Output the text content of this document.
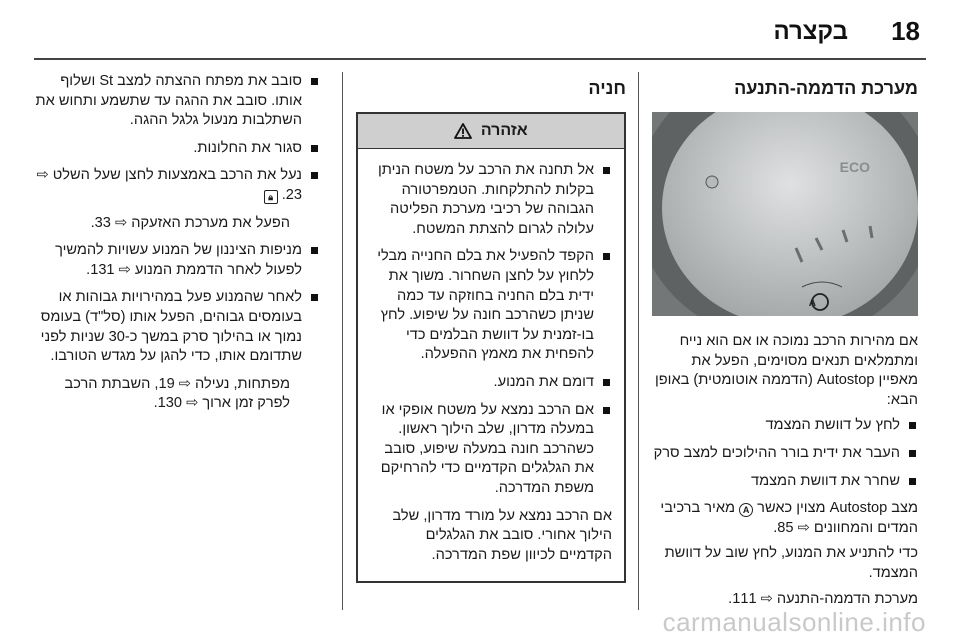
18
בקצרה
מערכת הדממה-התנעה
ECO
A
אם מהירות הרכב נמוכה או אם הוא נייח ומתמלאים תנאים מסוימים, הפעל את מאפיין Autostop (הדממה אוטומטית) באופן הבא:
לחץ על דוושת המצמד
העבר את ידית בורר ההילוכים למצב סרק
שחרר את דוושת המצמד
מצב Autostop מצוין כאשר A מאיר ברכיבי המדים והמחוונים ⇨ 85.
כדי להתניע את המנוע, לחץ שוב על דוושת המצמד.
מערכת הדממה-התנעה ⇨ 111.
חניה
אזהרה
אל תחנה את הרכב על משטח הניתן בקלות להתלקחות. הטמפרטורה הגבוהה של רכיבי מערכת הפליטה עלולה לגרום להצתת המשטח.
הקפד להפעיל את בלם החנייה מבלי ללחוץ על לחצן השחרור. משוך את ידית בלם החניה בחוזקה עד כמה שניתן כשהרכב חונה על שיפוע. לחץ בו-זמנית על דוושת הבלמים כדי להפחית את מאמץ ההפעלה.
דומם את המנוע.
אם הרכב נמצא על משטח אופקי או במעלה מדרון, שלב הילוך ראשון. כשהרכב חונה במעלה שיפוע, סובב את הגלגלים הקדמיים כדי להרחיקם משפת המדרכה.
אם הרכב נמצא על מורד מדרון, שלב הילוך אחורי. סובב את הגלגלים הקדמיים לכיוון שפת המדרכה.
סובב את מפתח ההצתה למצב St ושלוף אותו. סובב את ההגה עד שתשמע ותחוש את השתלבות מנעול גלגל ההגה.
סגור את החלונות.
נעל את הרכב באמצעות לחצן שעל השלט ⇨ 23. 🔒︎
הפעל את מערכת האזעקה ⇨ 33.
מניפות הציננון של המנוע עשויות להמשיך לפעול לאחר הדממת המנוע ⇨ 131.
לאחר שהמנוע פעל במהירויות גבוהות או בעומסים גבוהים, הפעל אותו (סל"ד) בעומס נמוך או בהילוך סרק במשך כ-30 שניות לפני שתדומם אותו, כדי להגן על מגדש הטורבו.
מפתחות, נעילה ⇨ 19, השבתת הרכב לפרק זמן ארוך ⇨ 130.
carmanualsonline.info
